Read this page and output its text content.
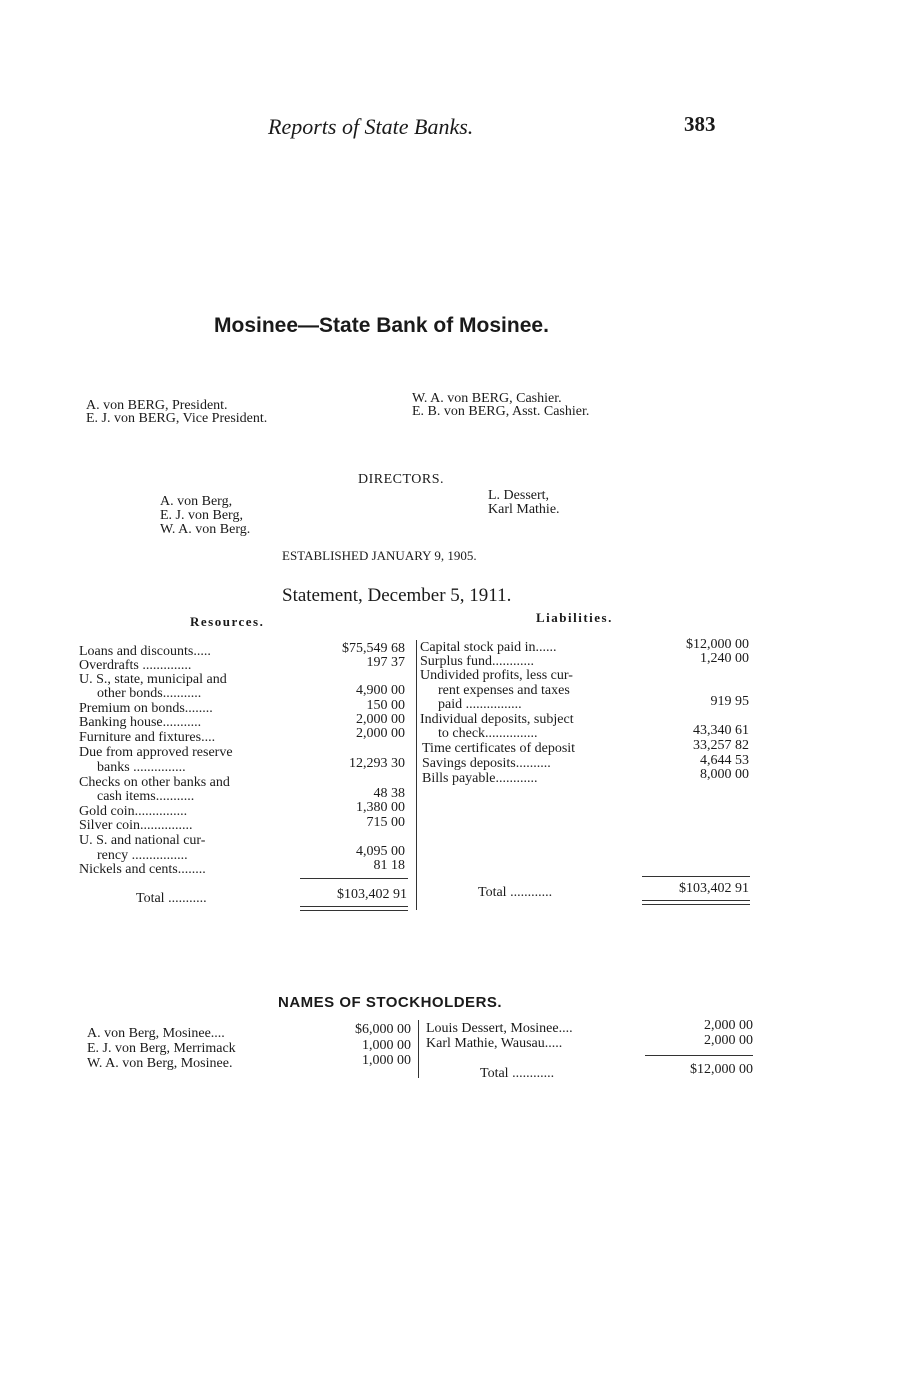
Reports of State Banks.	383
Mosinee—State Bank of Mosinee.
A. von BERG, President.
E. J. von BERG, Vice President.
W. A. von BERG, Cashier.
E. B. von BERG, Asst. Cashier.
DIRECTORS.
A. von Berg,
E. J. von Berg,
W. A. von Berg.
L. Dessert,
Karl Mathie.
ESTABLISHED JANUARY 9, 1905.
Statement, December 5, 1911.
Resources.	Liabilities.
Loans and discounts.....	$75,549 68
Overdrafts ..............	197 37
U. S., state, municipal and
other bonds...........	4,900 00
Premium on bonds........	150 00
Banking house...........	2,000 00
Furniture and fixtures....	2,000 00
Due from approved reserve
banks ...............	12,293 30
Checks on other banks and
cash items...........	48 38
Gold coin...............	1,380 00
Silver coin...............	715 00
U. S. and national cur-
rency ................	4,095 00
Nickels and cents........	81 18
Total ...........	$103,402 91
Capital stock paid in......	$12,000 00
Surplus fund............	1,240 00
Undivided profits, less cur-
rent expenses and taxes
paid ................	919 95
Individual deposits, subject
to check...............	43,340 61
Time certificates of deposit	33,257 82
Savings deposits..........	4,644 53
Bills payable............	8,000 00
Total ............	$103,402 91
NAMES OF STOCKHOLDERS.
A. von Berg, Mosinee....	$6,000 00
E. J. von Berg, Merrimack	1,000 00
W. A. von Berg, Mosinee.	1,000 00
Louis Dessert, Mosinee....	2,000 00
Karl Mathie, Wausau.....	2,000 00
Total ............	$12,000 00
